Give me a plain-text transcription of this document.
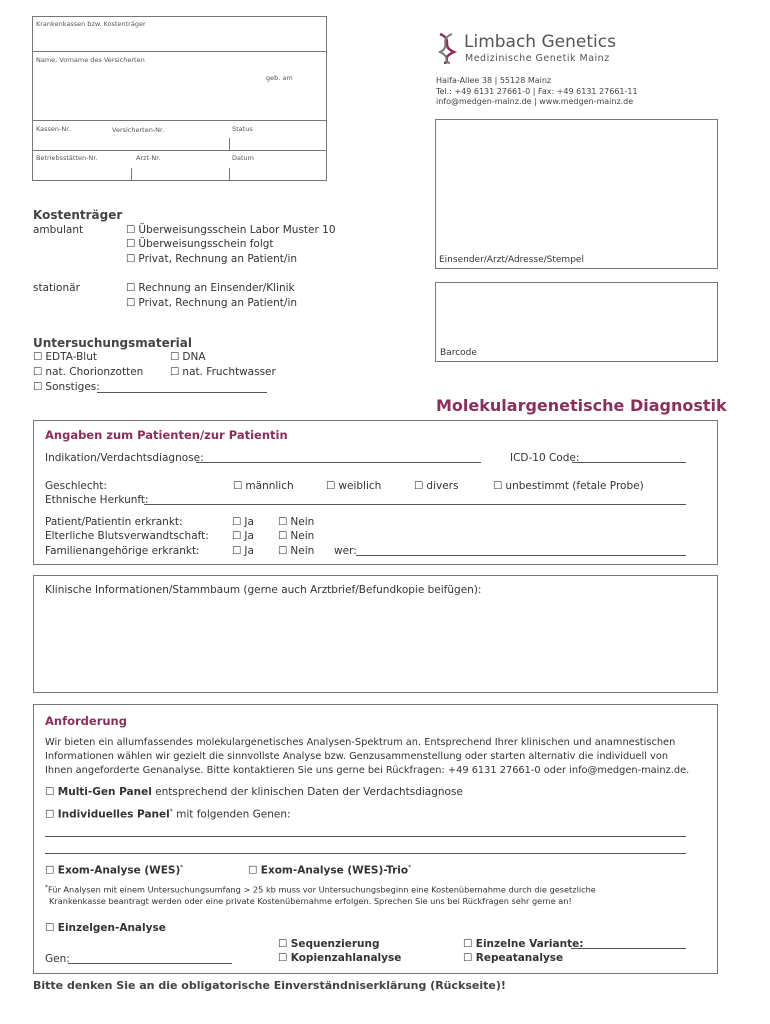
Krankenkassen bzw. Kostenträger
Name, Vorname des Versicherten
geb. am
Kassen-Nr.	Versicherten-Nr.	Status
Betriebsstätten-Nr.	Arzt-Nr.	Datum
Limbach Genetics
Medizinische Genetik Mainz
Haifa-Allee 38 | 55128 Mainz
Tel.: +49 6131 27661-0 | Fax: +49 6131 27661-11
info@medgen-mainz.de | www.medgen-mainz.de
Einsender/Arzt/Adresse/Stempel
Barcode
Kostenträger
ambulant	☐ Überweisungsschein Labor Muster 10
☐ Überweisungsschein folgt
☐ Privat, Rechnung an Patient/in
stationär	☐ Rechnung an Einsender/Klinik
☐ Privat, Rechnung an Patient/in
Untersuchungsmaterial
☐ EDTA-Blut	☐ DNA
☐ nat. Chorionzotten	☐ nat. Fruchtwasser
☐ Sonstiges:
Molekulargenetische Diagnostik
Angaben zum Patienten/zur Patientin
Indikation/Verdachtsdiagnose:	ICD-10 Code:
Geschlecht:	☐ männlich	☐ weiblich	☐ divers	☐ unbestimmt (fetale Probe)
Ethnische Herkunft:
Patient/Patientin erkrankt:	☐ Ja	☐ Nein
Elterliche Blutsverwandtschaft:	☐ Ja	☐ Nein
Familienangehörige erkrankt:	☐ Ja	☐ Nein wer:
Klinische Informationen/Stammbaum (gerne auch Arztbrief/Befundkopie beifügen):
Anforderung
Wir bieten ein allumfassendes molekulargenetisches Analysen-Spektrum an. Entsprechend Ihrer klinischen und anamnestischen
Informationen wählen wir gezielt die sinnvollste Analyse bzw. Genzusammenstellung oder starten alternativ die individuell von
Ihnen angeforderte Genanalyse. Bitte kontaktieren Sie uns gerne bei Rückfragen: +49 6131 27661-0 oder info@medgen-mainz.de.
☐ Multi-Gen Panel entsprechend der klinischen Daten der Verdachtsdiagnose
☐ Individuelles Panel* mit folgenden Genen:
☐ Exom-Analyse (WES)*	☐ Exom-Analyse (WES)-Trio*
*Für Analysen mit einem Untersuchungsumfang > 25 kb muss vor Untersuchungsbeginn eine Kostenübernahme durch die gesetzliche
Krankenkasse beantragt werden oder eine private Kostenübernahme erfolgen. Sprechen Sie uns bei Rückfragen sehr gerne an!
☐ Einzelgen-Analyse
☐ Sequenzierung
☐ Kopienzahlanalyse
☐ Einzelne Variante:
☐ Repeatanalyse
Gen:
Bitte denken Sie an die obligatorische Einverständniserklärung (Rückseite)!
